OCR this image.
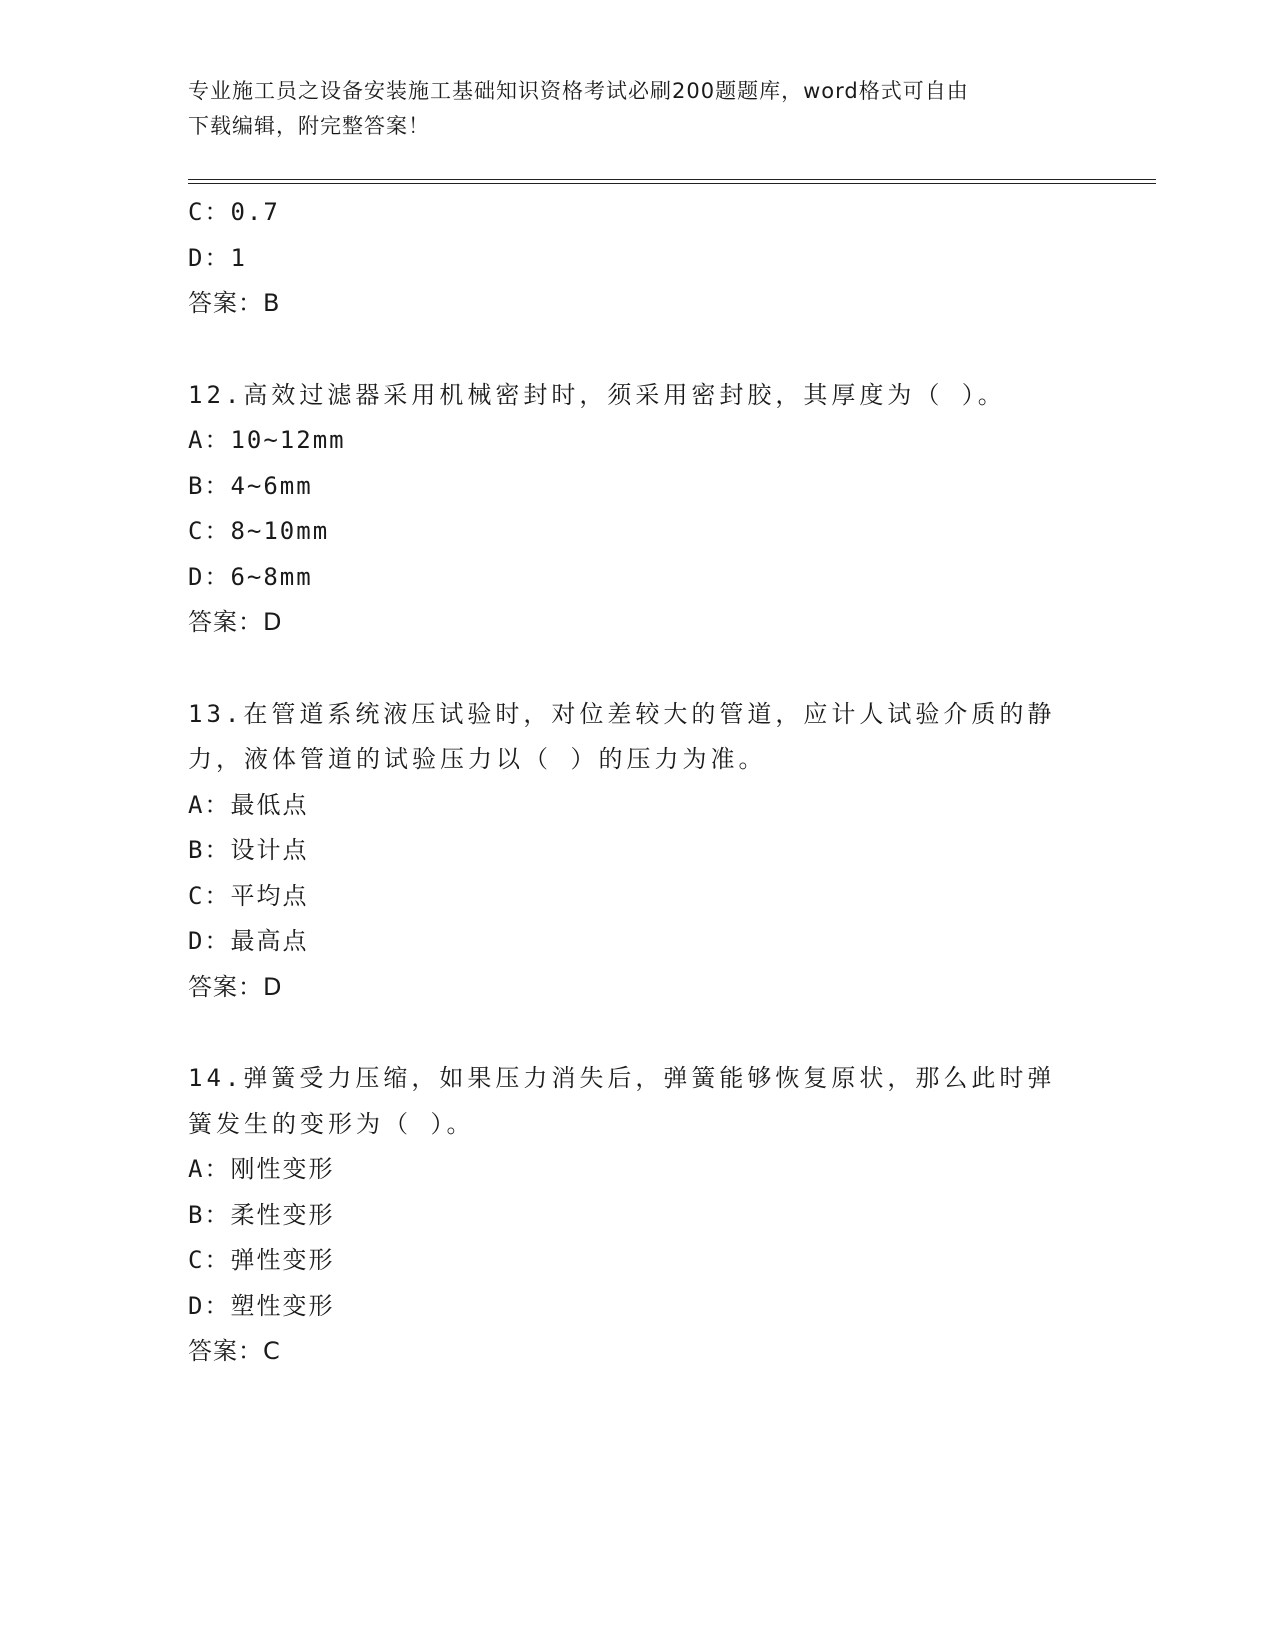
专业施工员之设备安装施工基础知识资格考试必刷200题题库，word格式可自由
下载编辑，附完整答案！
C：0.7
D：1
答案：B
12.高效过滤器采用机械密封时，须采用密封胶，其厚度为（ ）。
A：10~12mm
B：4~6mm
C：8~10mm
D：6~8mm
答案：D
13.在管道系统液压试验时，对位差较大的管道，应计人试验介质的静
力，液体管道的试验压力以（ ）的压力为准。
A：最低点
B：设计点
C：平均点
D：最高点
答案：D
14.弹簧受力压缩，如果压力消失后，弹簧能够恢复原状，那么此时弹
簧发生的变形为（ ）。
A：刚性变形
B：柔性变形
C：弹性变形
D：塑性变形
答案：C
